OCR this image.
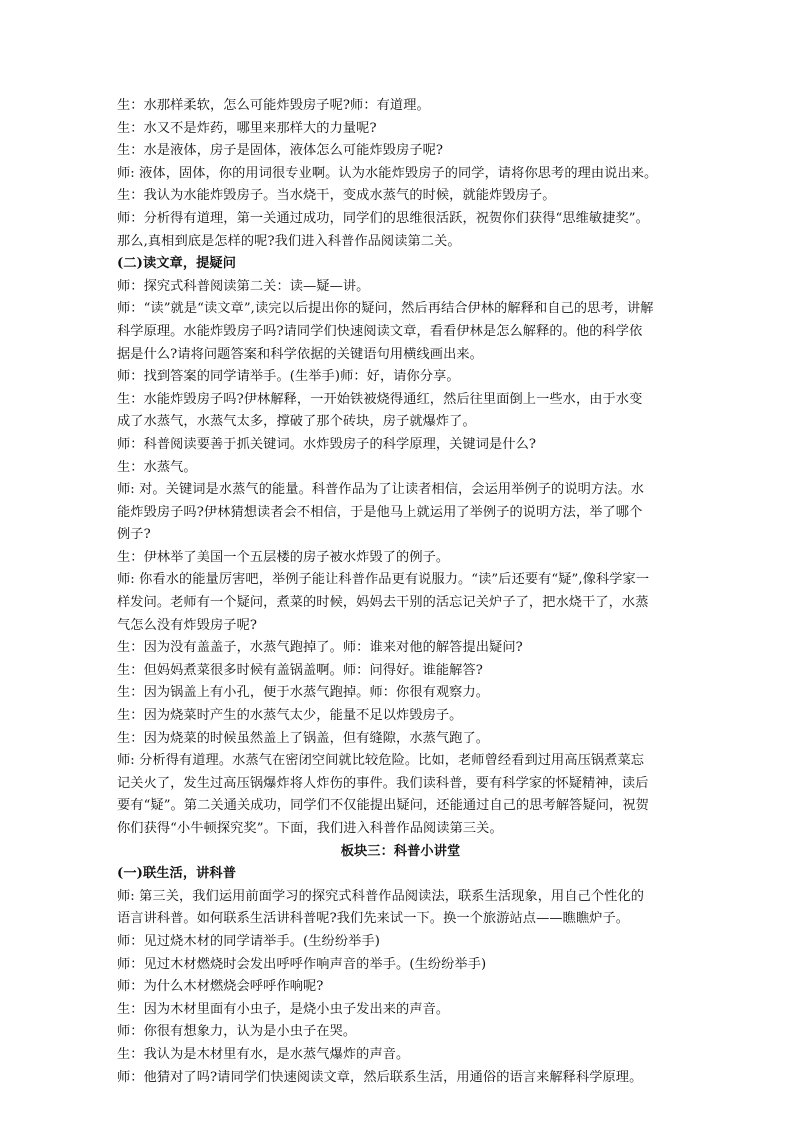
生：水那样柔软，怎么可能炸毁房子呢?师：有道理。
生：水又不是炸药，哪里来那样大的力量呢?
生：水是液体，房子是固体，液体怎么可能炸毁房子呢?
师: 液体，固体，你的用词很专业啊。认为水能炸毁房子的同学，请将你思考的理由说出来。
生：我认为水能炸毁房子。当水烧干，变成水蒸气的时候，就能炸毁房子。
师：分析得有道理，第一关通过成功，同学们的思维很活跃，祝贺你们获得“思维敏捷奖”。
那么,真相到底是怎样的呢?我们进入科普作品阅读第二关。
(二)读文章，提疑问
师：探究式科普阅读第二关：读—疑—讲。
师：“读”就是“读文章”,读完以后提出你的疑问，然后再结合伊林的解释和自己的思考，讲解
科学原理。水能炸毁房子吗?请同学们快速阅读文章，看看伊林是怎么解释的。他的科学依
据是什么?请将问题答案和科学依据的关键语句用横线画出来。
师：找到答案的同学请举手。(生举手)师：好，请你分享。
生：水能炸毁房子吗?伊林解释，一开始铁被烧得通红，然后往里面倒上一些水，由于水变
成了水蒸气，水蒸气太多，撑破了那个砖块，房子就爆炸了。
师：科普阅读要善于抓关键词。水炸毁房子的科学原理，关键词是什么?
生：水蒸气。
师: 对。关键词是水蒸气的能量。科普作品为了让读者相信，会运用举例子的说明方法。水
能炸毁房子吗?伊林猜想读者会不相信，于是他马上就运用了举例子的说明方法，举了哪个
例子?
生：伊林举了美国一个五层楼的房子被水炸毁了的例子。
师: 你看水的能量厉害吧，举例子能让科普作品更有说服力。“读”后还要有“疑”,像科学家一
样发问。老师有一个疑问，煮菜的时候，妈妈去干别的活忘记关炉子了，把水烧干了，水蒸
气怎么没有炸毁房子呢?
生：因为没有盖盖子，水蒸气跑掉了。师：谁来对他的解答提出疑问?
生：但妈妈煮菜很多时候有盖锅盖啊。师：问得好。谁能解答?
生：因为锅盖上有小孔，便于水蒸气跑掉。师：你很有观察力。
生：因为烧菜时产生的水蒸气太少，能量不足以炸毁房子。
生：因为烧菜的时候虽然盖上了锅盖，但有缝隙，水蒸气跑了。
师: 分析得有道理。水蒸气在密闭空间就比较危险。比如，老师曾经看到过用高压锅煮菜忘
记关火了，发生过高压锅爆炸将人炸伤的事件。我们读科普，要有科学家的怀疑精神，读后
要有“疑”。第二关通关成功，同学们不仅能提出疑问，还能通过自己的思考解答疑问，祝贺
你们获得“小牛顿探究奖”。下面，我们进入科普作品阅读第三关。
板块三：科普小讲堂
(一)联生活，讲科普
师: 第三关，我们运用前面学习的探究式科普作品阅读法，联系生活现象，用自己个性化的
语言讲科普。如何联系生活讲科普呢?我们先来试一下。换一个旅游站点——瞧瞧炉子。
师：见过烧木材的同学请举手。(生纷纷举手)
师：见过木材燃烧时会发出呼呼作响声音的举手。(生纷纷举手)
师：为什么木材燃烧会呼呼作响呢?
生：因为木材里面有小虫子，是烧小虫子发出来的声音。
师：你很有想象力，认为是小虫子在哭。
生：我认为是木材里有水，是水蒸气爆炸的声音。
师：他猜对了吗?请同学们快速阅读文章，然后联系生活，用通俗的语言来解释科学原理。
